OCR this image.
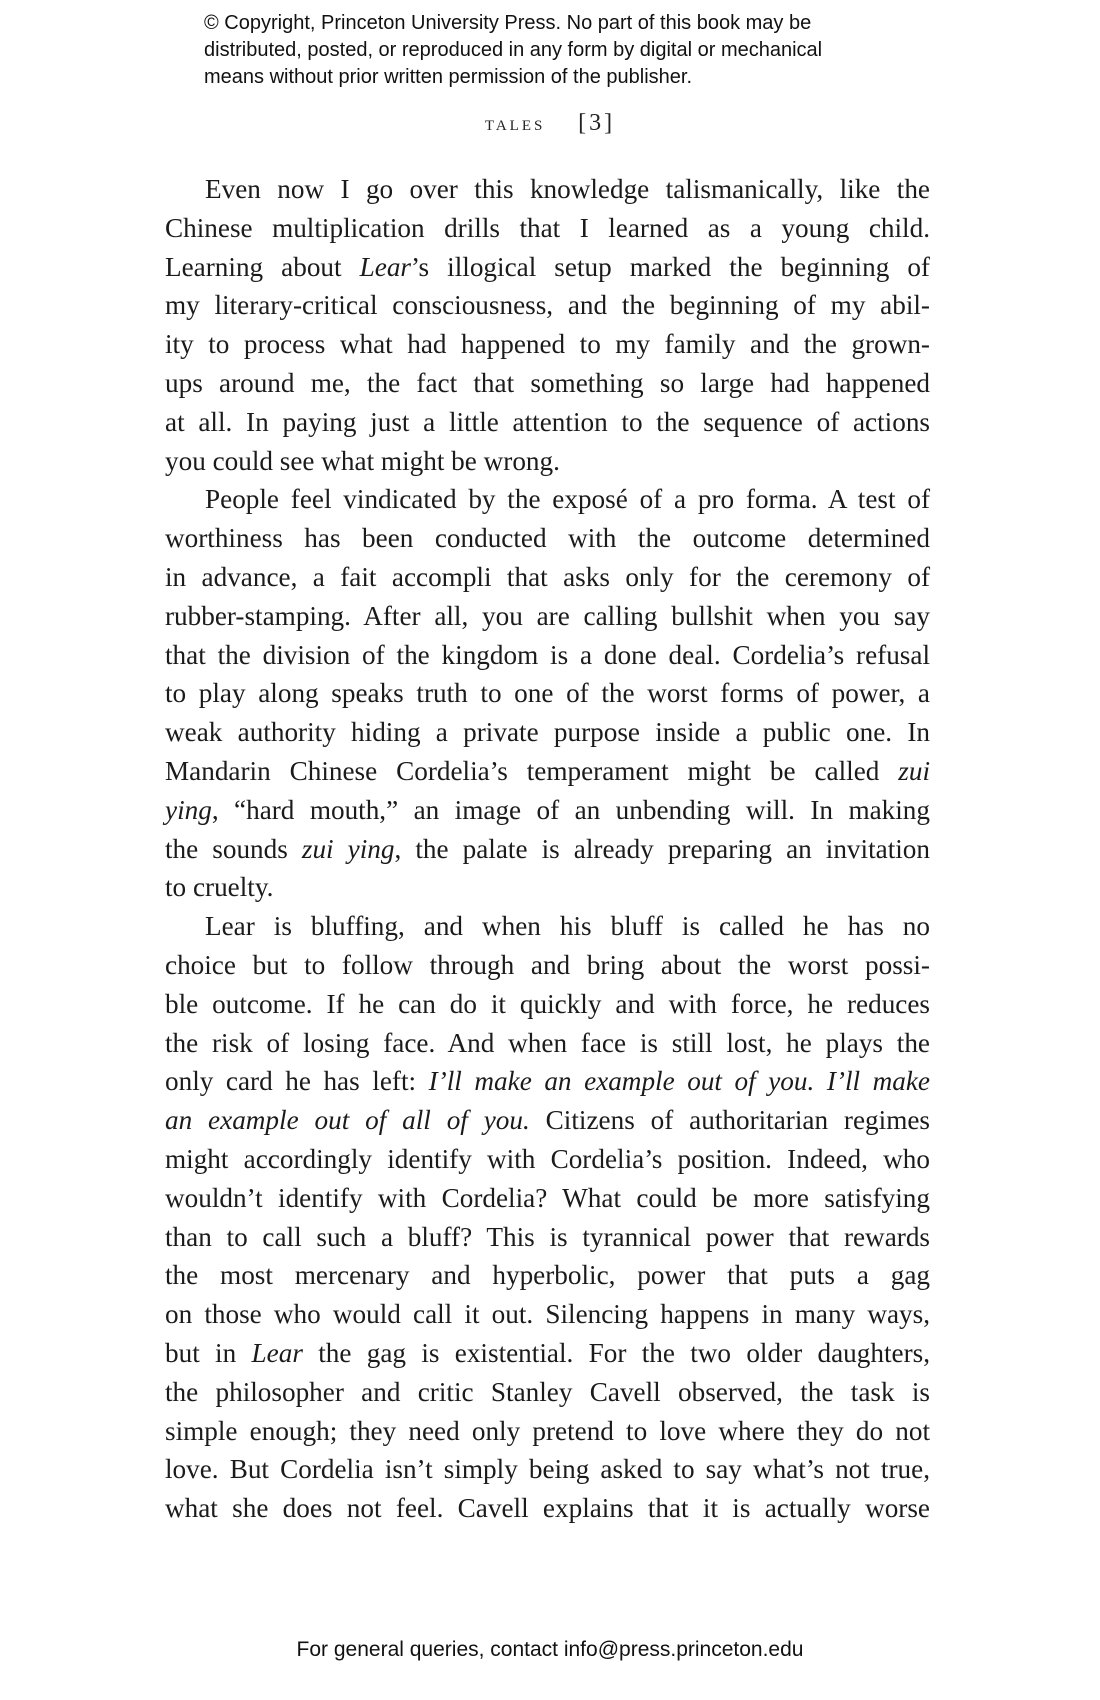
© Copyright, Princeton University Press. No part of this book may be
distributed, posted, or reproduced in any form by digital or mechanical
means without prior written permission of the publisher.
tales [3]
Even now I go over this knowledge talismanically, like the
Chinese multiplication drills that I learned as a young child.
Learning about Lear’s illogical setup marked the beginning of
my literary-critical consciousness, and the beginning of my abil-
ity to process what had happened to my family and the grown-
ups around me, the fact that something so large had happened
at all. In paying just a little attention to the sequence of actions
you could see what might be wrong.
People feel vindicated by the exposé of a pro forma. A test of
worthiness has been conducted with the outcome determined
in advance, a fait accompli that asks only for the ceremony of
rubber-stamping. After all, you are calling bullshit when you say
that the division of the kingdom is a done deal. Cordelia’s refusal
to play along speaks truth to one of the worst forms of power, a
weak authority hiding a private purpose inside a public one. In
Mandarin Chinese Cordelia’s temperament might be called zui
ying, “hard mouth,” an image of an unbending will. In making
the sounds zui ying, the palate is already preparing an invitation
to cruelty.
Lear is bluffing, and when his bluff is called he has no
choice but to follow through and bring about the worst possi-
ble outcome. If he can do it quickly and with force, he reduces
the risk of losing face. And when face is still lost, he plays the
only card he has left: I’ll make an example out of you. I’ll make
an example out of all of you. Citizens of authoritarian regimes
might accordingly identify with Cordelia’s position. Indeed, who
wouldn’t identify with Cordelia? What could be more satisfying
than to call such a bluff? This is tyrannical power that rewards
the most mercenary and hyperbolic, power that puts a gag
on those who would call it out. Silencing happens in many ways,
but in Lear the gag is existential. For the two older daughters,
the philosopher and critic Stanley Cavell observed, the task is
simple enough; they need only pretend to love where they do not
love. But Cordelia isn’t simply being asked to say what’s not true,
what she does not feel. Cavell explains that it is actually worse
For general queries, contact info@press.princeton.edu
